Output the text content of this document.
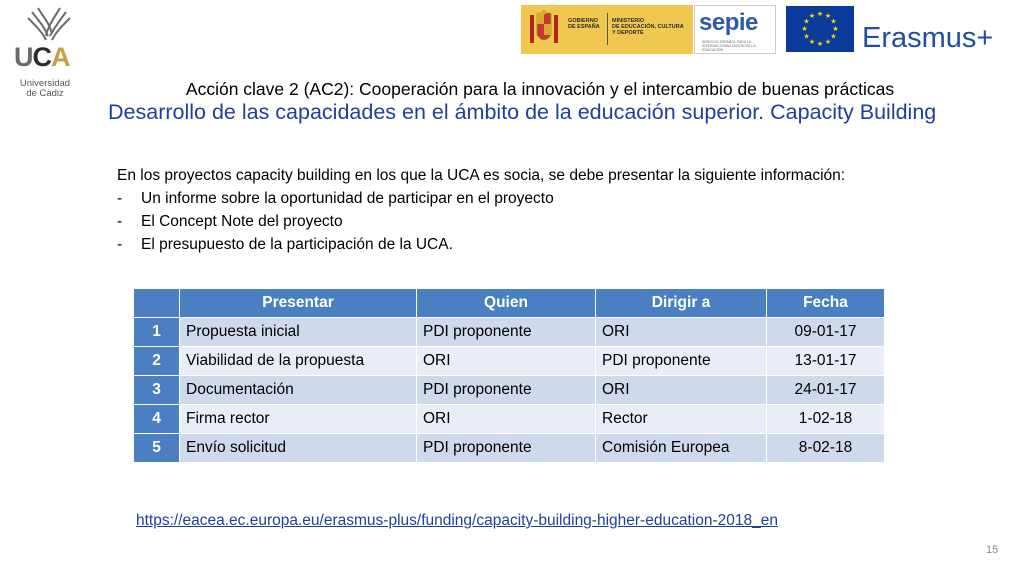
UCA
Universidad
de Cádiz
GOBIERNO
DE ESPAÑA
MINISTERIO
DE EDUCACIÓN, CULTURA
Y DEPORTE	sepie
SERVICIO ESPAÑOL PARA LA INTERNACIONALIZACIÓN DE LA EDUCACIÓN
★ ★
★
★
★
★
★
★
★
★
★
★
Erasmus+
Acción clave 2 (AC2): Cooperación para la innovación y el intercambio de buenas prácticas
Desarrollo de las capacidades en el ámbito de la educación superior. Capacity Building
En los proyectos capacity building en los que la UCA es socia, se debe presentar la siguiente información:
-	Un informe sobre la oportunidad de participar en el proyecto
-	El Concept Note del proyecto
-	El presupuesto de la participación de la UCA.
	Presentar	Quien	Dirigir a	Fecha
1	Propuesta inicial	PDI proponente	ORI	09-01-17
2	Viabilidad de la propuesta	ORI	PDI proponente	13-01-17
3	Documentación	PDI proponente	ORI	24-01-17
4	Firma rector	ORI	Rector	1-02-18
5	Envío solicitud	PDI proponente	Comisión Europea	8-02-18
https://eacea.ec.europa.eu/erasmus-plus/funding/capacity-building-higher-education-2018_en
15
